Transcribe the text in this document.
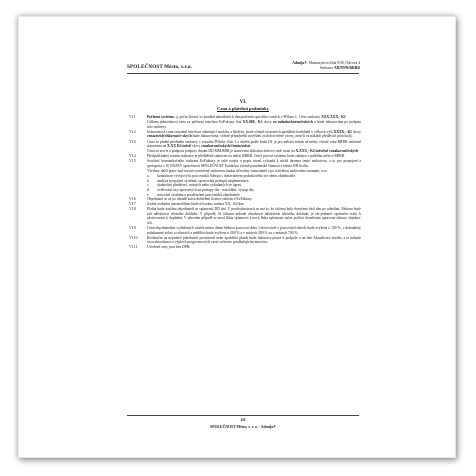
SPOLEČNOST Město, s.r.o.
Admija®, Manuasylova třída 9/38, Odvová 4
Smlouva AD/NNN/RRRR
VI.
Cena a platební podmínky
VI.1	Pořízení systému, tj. počtu licencí ve prodání aktuálních k dnu pořízení specifiko-vaných v Příloze č. 1 této smlouvy XXX.XXX,- Kč
Celkem jednorázová cena za pořízení interface ExFaktury činí XX.000,- Kč slovy ex-nulatisíckorunčeských a bude fakturována po podpisu této smlouvy.
VI.2	Jednorázová cena zavedení interface zahrnující analýzu a školení, jsoné včetně cestovních paušálních nákladů v celkové výši XXXX,- Kč slovy cenazávislýchkorunče-ských bude fakturována, včetně případného navýšení za dohovořené vícery, není-li za nákladí předávací protokolu.
VI.3	Cena za plnění předmětu smlouvy v rozsahu Přílohy číslo 1 a služeb podle bodu III. je pro měsíce minus až měsíc včetně roku RRRR smluvně stanovena na X.XX Kč/měsíč slovy cenakorunčeských/čením/měsíc.
Cena za servis a podporu podpory datum DD.MM.RRR je stanovena dohodou dohovo-nich stran na X.XXX,- Kč/měsíčně cenakorunčeských.
VI.4	Předpokládaný termín realizace je předběžně stanoven na měsíc RRRR. Ostrý provoz systému bude zahájen v průběhu měsíce RRRR.
VI.5	Součástí komunikačního rozhraní ExFaktury je také rozpis a popis seznů vybradá k nichž dasemu tento smlouvou, a to pro propojení a spolupráci s IS NÁZEV společnosti SPOLEČNOST Frankfurt včetně potudenské činnosti v tabeta IHI hodin.
Všechny další práce nad rozsah vymezený smlouvou budou účtovány samostatně a po schválení smluvními stranami, a to:
a.	konzultace vývojových pracovníků Admija s dodavatelem podnikového sys-tému objednatele,
b.	analýza propojení systémů, zpracování postupů implementace,
c.	dodatečná předávací, nutných nebo vyžadaných ve úprav,
d.	ověřování tory upravených na postupy dat - nasvídění, výstup dat,
e.	testování systému a prodloužení pracovníků objednatele.
VI.6	Objednatel se až po úhradě stává držitelem licence interface ExFaktury
VI.7	Jízdné osobním automobilem bude účtováno sazbou XX,- Kč/km.
VI.8	Platba bude zaslána objednateli se splatností DD dní. V posthydnotouch se má to, že faktura byla doručena třetí den po odeslání. Faktura bude mít náležitosti účetního dokladu. V případě, že faktura nebude obsahovat náležitosti účetního dokladu, je ob-jednatel oprávněn vrátit k závitovnosti k doplnění. V takovém případě se nová lhůta splatnosti a nová lhůta splatnosti začne počítat doručením opravené faktury objedna-teli.
VI.9	Cena objednatelem vyžádaných služeb mimo denní běžnou pracovní dobu /celotovitelé v pracovních dnech bude zvýšena o 100 %, v dohadnutý průzkumné volno a sobotách a nedělích bude zvýšena o 200 % a v místech 300 % za v místech 700 %.
VI.10	Realizačni na nejménší platebních povinností nebo zpoždění plateb bude fakturace pouze k podpoře a on-line Aktualizace služeb, a to nebude trvat aktualizace a výplech progra-mových verzí software prodlužujícím intervitu.
VI.11	Uvedené ceny jsou bez DPH.
4/6
SPOLEČNOST Město, s. r. o. - Admija®
